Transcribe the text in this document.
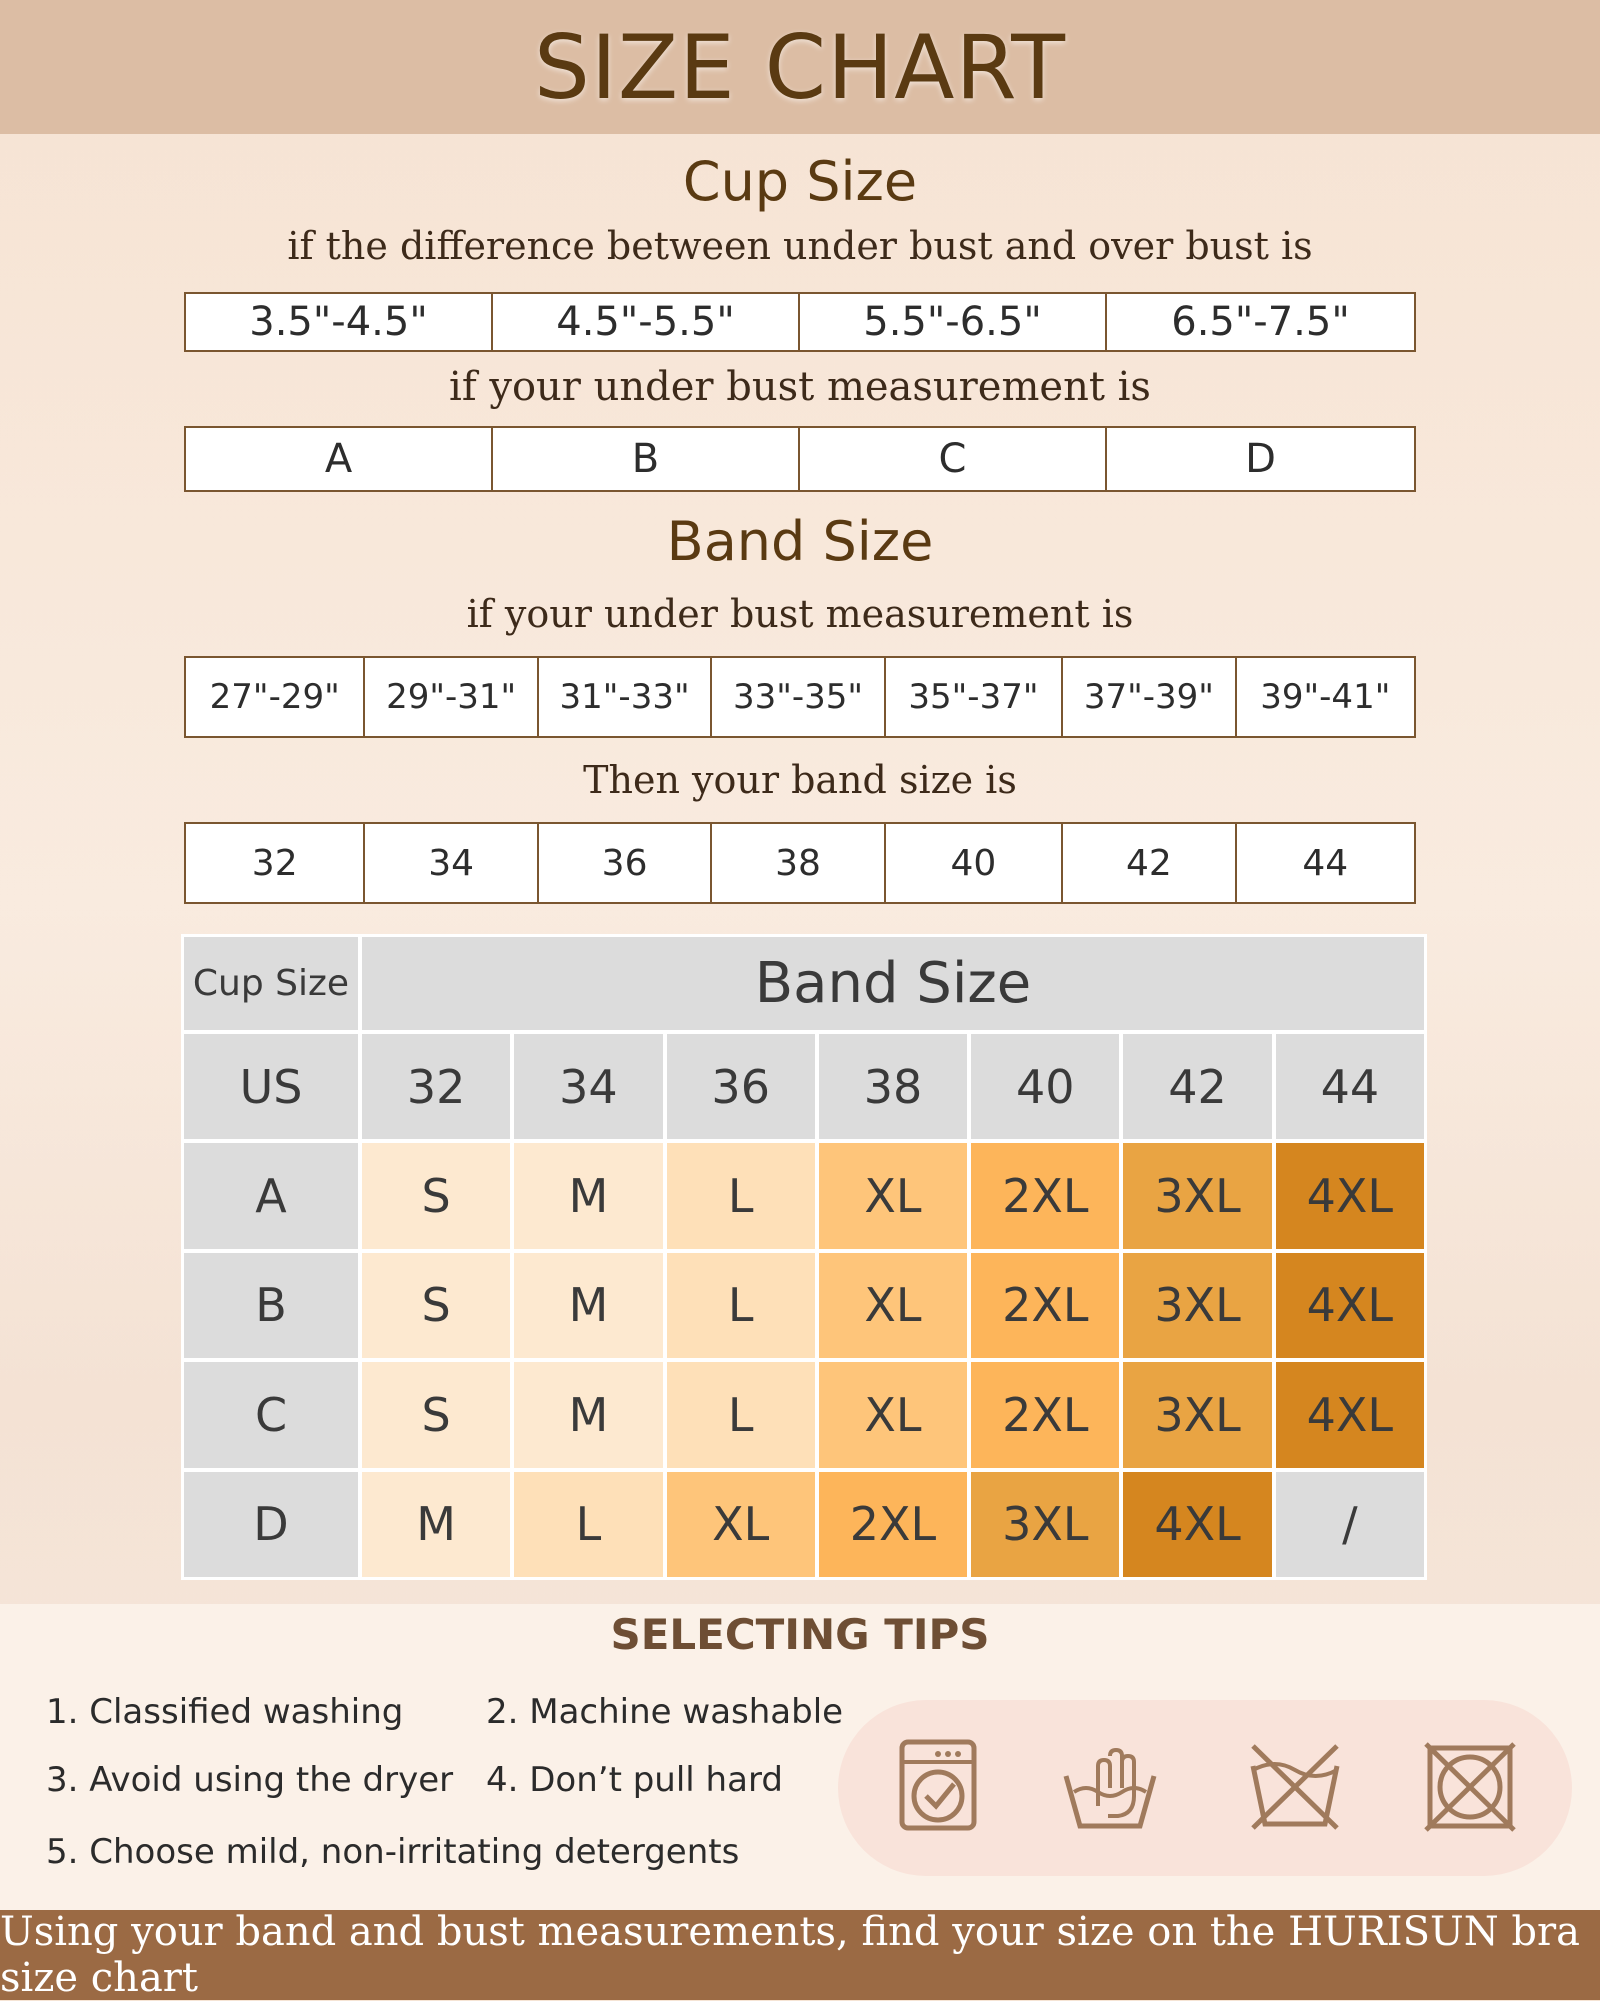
SIZE CHART
Cup Size
if the difference between under bust and over bust is
3.5"-4.5"	4.5"-5.5"	5.5"-6.5"	6.5"-7.5"
if your under bust measurement is
A	B	C	D
Band Size
if your under bust measurement is
27"-29"	29"-31"	31"-33"	33"-35"	35"-37"	37"-39"	39"-41"
Then your band size is
32	34	36	38	40	42	44
Cup Size	Band Size
US	32	34	36	38	40	42	44
A	S	M	L	XL	2XL	3XL	4XL
B	S	M	L	XL	2XL	3XL	4XL
C	S	M	L	XL	2XL	3XL	4XL
D	M	L	XL	2XL	3XL	4XL	/
SELECTING TIPS
1. Classified washing 2. Machine washable
3. Avoid using the dryer 4. Don’t pull hard
5. Choose mild, non-irritating detergents
Using your band and bust measurements, find your size on the HURISUN bra size chart
